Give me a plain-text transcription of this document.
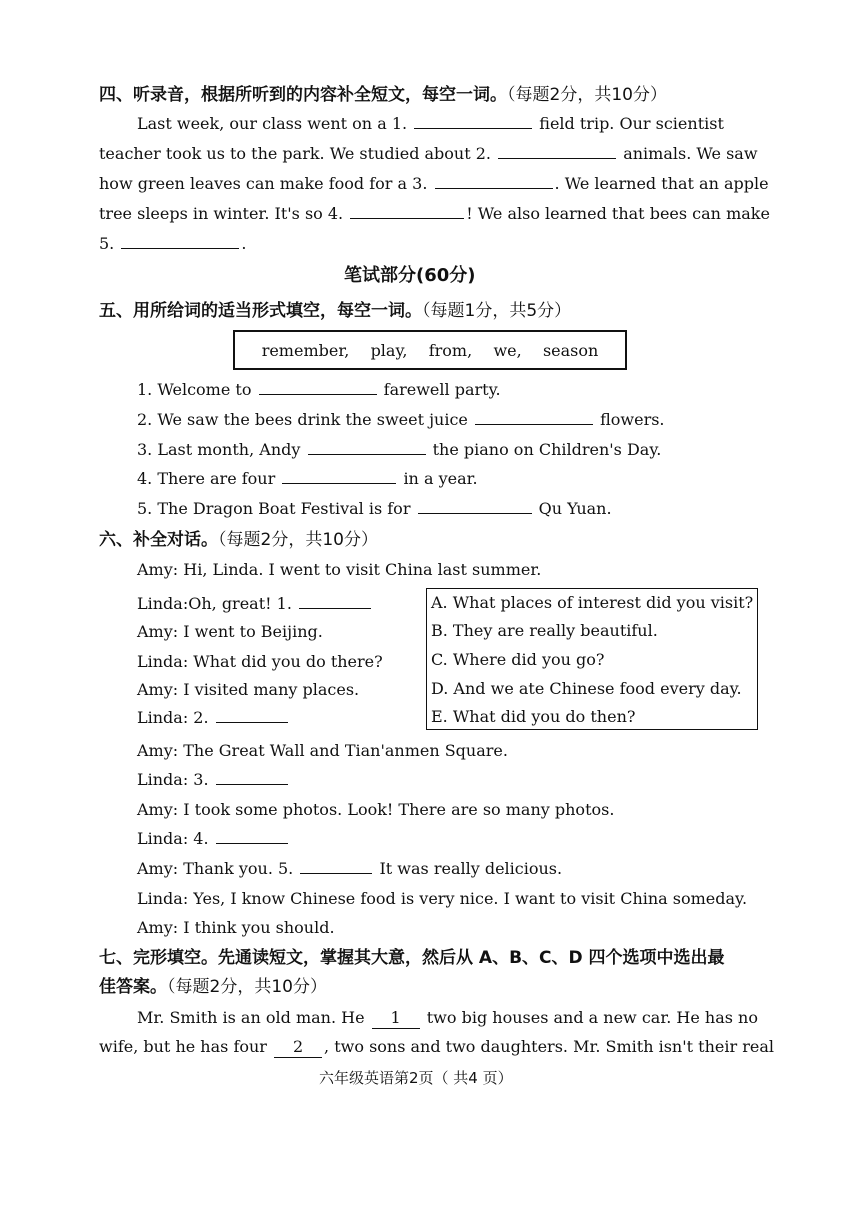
四、听录音，根据所听到的内容补全短文，每空一词。（每题2分，共10分）
Last week, our class went on a 1.	field trip. Our scientist
teacher took us to the park. We studied about 2.	animals. We saw
how green leaves can make food for a 3.	. We learned that an apple
tree sleeps in winter. It's so 4.	! We also learned that bees can make
5.	.
笔试部分(60分)
五、用所给词的适当形式填空，每空一词。（每题1分，共5分）
remember,   play,   from,   we,   season
1. Welcome to	farewell party.
2. We saw the bees drink the sweet juice	flowers.
3. Last month, Andy	the piano on Children's Day.
4. There are four	in a year.
5. The Dragon Boat Festival is for	Qu Yuan.
六、补全对话。（每题2分，共10分）
Amy: Hi, Linda. I went to visit China last summer.
Linda:Oh, great! 1.
Amy: I went to Beijing.
Linda: What did you do there?
Amy: I visited many places.
Linda: 2.
A. What places of interest did you visit?
B. They are really beautiful.
C. Where did you go?
D. And we ate Chinese food every day.
E. What did you do then?
Amy: The Great Wall and Tian'anmen Square.
Linda: 3.
Amy: I took some photos. Look! There are so many photos.
Linda: 4.
Amy: Thank you. 5.	It was really delicious.
Linda: Yes, I know Chinese food is very nice. I want to visit China someday.
Amy: I think you should.
七、完形填空。先通读短文，掌握其大意，然后从 A、B、C、D 四个选项中选出最
佳答案。（每题2分，共10分）
Mr. Smith is an old man. He 1 two big houses and a new car. He has no
wife, but he has four 2 , two sons and two daughters. Mr. Smith isn't their real
六年级英语第2页（ 共4 页）
